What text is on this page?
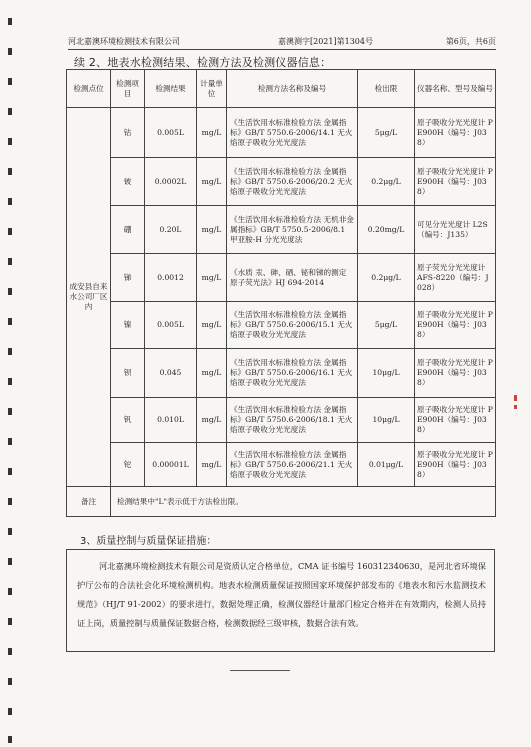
河北嘉澳环境检测技术有限公司	嘉澳测字[2021]第1304号	第6页，共6页

续 2、地表水检测结果、检测方法及检测仪器信息：
检测点位	检测项目	检测结果	计量单位	检测方法名称及编号	检出限	仪器名称、型号及编号
成安县自来水公司厂区内	钴	0.005L	mg/L	《生活饮用水标准检验方法 金属指标》GB/T 5750.6-2006/14.1 无火焰原子吸收分光光度法	5μg/L	原子吸收分光光度计 PE900H（编号：J038）
	铍	0.0002L	mg/L	《生活饮用水标准检验方法 金属指标》GB/T 5750.6-2006/20.2 无火焰原子吸收分光光度法	0.2μg/L	原子吸收分光光度计 PE900H（编号：J038）
	硼	0.20L	mg/L	《生活饮用水标准检验方法 无机非金属指标》GB/T 5750.5-2006/8.1 甲亚胺-H 分光光度法	0.20mg/L	可见分光光度计 L2S（编号：J135）
	锑	0.0012	mg/L	《水质 汞、砷、硒、铋和锑的测定 原子荧光法》HJ 694-2014	0.2μg/L	原子荧光分光光度计 AFS-8220（编号：J028）
	镍	0.005L	mg/L	《生活饮用水标准检验方法 金属指标》GB/T 5750.6-2006/15.1 无火焰原子吸收分光光度法	5μg/L	原子吸收分光光度计 PE900H（编号：J038）
	钡	0.045	mg/L	《生活饮用水标准检验方法 金属指标》GB/T 5750.6-2006/16.1 无火焰原子吸收分光光度法	10μg/L	原子吸收分光光度计 PE900H（编号：J038）
	钒	0.010L	mg/L	《生活饮用水标准检验方法 金属指标》GB/T 5750.6-2006/18.1 无火焰原子吸收分光光度法	10μg/L	原子吸收分光光度计 PE900H（编号：J038）
	铊	0.00001L	mg/L	《生活饮用水标准检验方法 金属指标》GB/T 5750.6-2006/21.1 无火焰原子吸收分光光度法	0.01μg/L	原子吸收分光光度计 PE900H（编号：J038）
备注	检测结果中"L"表示低于方法检出限。					
3、质量控制与质量保证措施：

河北嘉澳环境检测技术有限公司是资质认定合格单位，CMA 证书编号 160312340630，是河北省环境保护厅公布的合法社会化环境检测机构。地表水检测质量保证按照国家环境保护部发布的《地表水和污水监测技术规范》（HJ/T 91-2002）的要求进行，数据处理正确，检测仪器经计量部门检定合格并在有效期内，检测人员持证上岗，质量控制与质量保证数据合格，检测数据经三级审核，数据合法有效。
